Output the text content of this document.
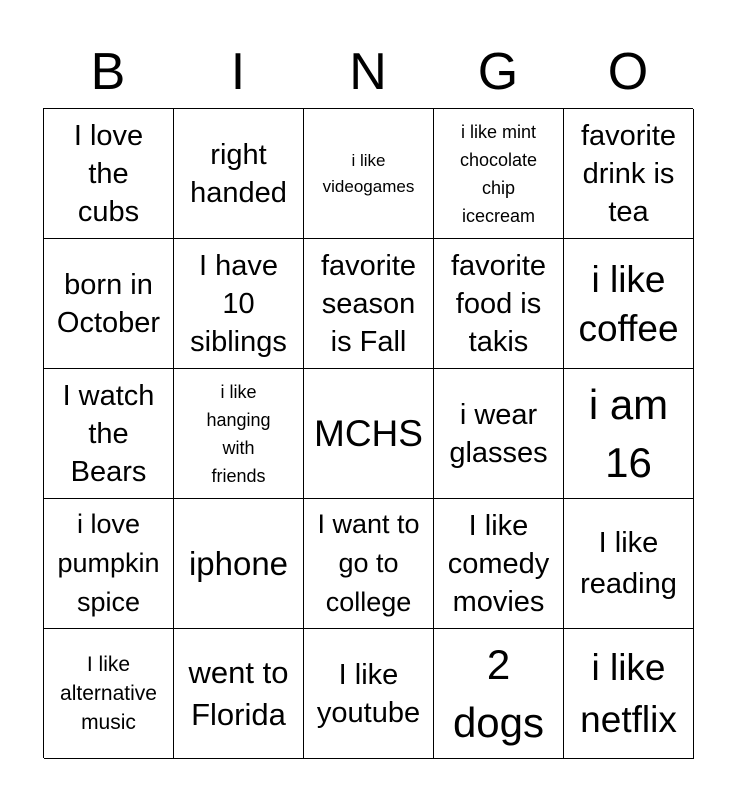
B	I	N	G	O
I love
the
cubs
right
handed
i like
videogames
i like mint
chocolate
chip
icecream
favorite
drink is
tea
born in
October
I have
10
siblings
favorite
season
is Fall
favorite
food is
takis
i like
coffee
I watch
the
Bears
i like
hanging
with
friends
MCHS	i wear
glasses
i am
16
i love
pumpkin
spice
iphone
I want to
go to
college
I like
comedy
movies
I like
reading
I like
alternative
music
went to
Florida
I like
youtube
2
dogs
i like
netflix
